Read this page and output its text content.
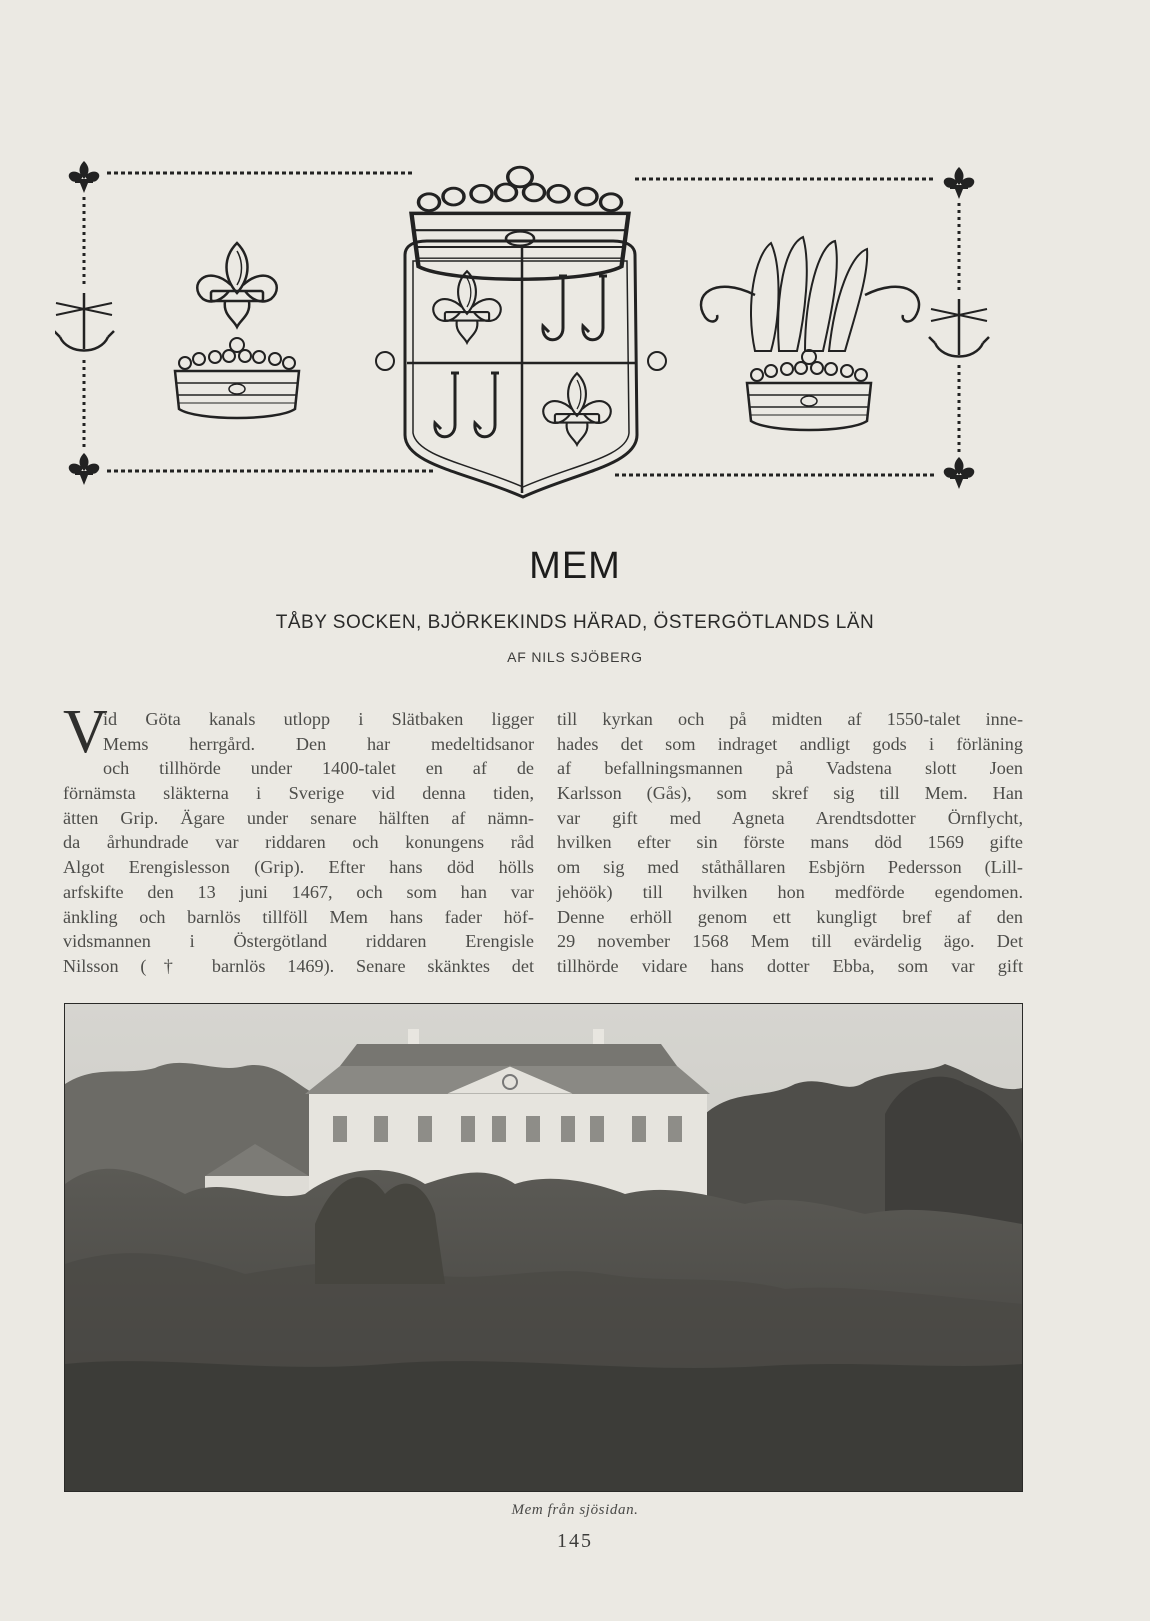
MEM
TÅBY SOCKEN, BJÖRKEKINDS HÄRAD, ÖSTERGÖTLANDS LÄN
AF NILS SJÖBERG
V
id Göta kanals utlopp i Slätbaken ligger
Mems herrgård. Den har medeltidsanor
och tillhörde under 1400-talet en af de
förnämsta släkterna i Sverige vid denna tiden,
ätten Grip. Ägare under senare hälften af nämn-
da århundrade var riddaren och konungens råd
Algot Erengislesson (Grip). Efter hans död hölls
arfskifte den 13 juni 1467, och som han var
änkling och barnlös tillföll Mem hans fader höf-
vidsmannen i Östergötland riddaren Erengisle
Nilsson († barnlös 1469). Senare skänktes det
till kyrkan och på midten af 1550-talet inne-
hades det som indraget andligt gods i förläning
af befallningsmannen på Vadstena slott Joen
Karlsson (Gås), som skref sig till Mem. Han
var gift med Agneta Arendtsdotter Örnflycht,
hvilken efter sin förste mans död 1569 gifte
om sig med ståthållaren Esbjörn Pedersson (Lill-
jehöök) till hvilken hon medförde egendomen.
Denne erhöll genom ett kungligt bref af den
29 november 1568 Mem till evärdelig ägo. Det
tillhörde vidare hans dotter Ebba, som var gift
Mem från sjösidan.
145
